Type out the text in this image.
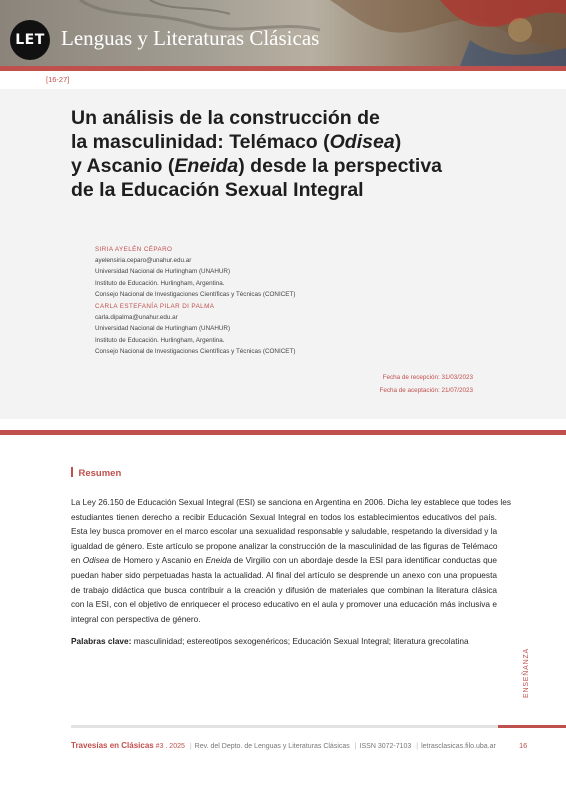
LET Lenguas y Literaturas Clásicas
[16-27]
Un análisis de la construcción de
la masculinidad: Telémaco (Odisea)
y Ascanio (Eneida) desde la perspectiva
de la Educación Sexual Integral
SIRIA AYELÉN CÉPARO
ayelensiria.ceparo@unahur.edu.ar
Universidad Nacional de Hurlingham (UNAHUR)
Instituto de Educación. Hurlingham, Argentina.
Consejo Nacional de Investigaciones Científicas y Técnicas (CONICET)
CARLA ESTEFANÍA PILAR DI PALMA
carla.dipalma@unahur.edu.ar
Universidad Nacional de Hurlingham (UNAHUR)
Instituto de Educación. Hurlingham, Argentina.
Consejo Nacional de Investigaciones Científicas y Técnicas (CONICET)
Fecha de recepción: 31/03/2023
Fecha de aceptación: 21/07/2023
Resumen
La Ley 26.150 de Educación Sexual Integral (ESI) se sanciona en Argentina en 2006. Dicha ley establece que todes les
estudiantes tienen derecho a recibir Educación Sexual Integral en todos los establecimientos educativos del país.
Esta ley busca promover en el marco escolar una sexualidad responsable y saludable, respetando la diversidad y la
igualdad de género. Este artículo se propone analizar la construcción de la masculinidad de las figuras de Telémaco
en Odisea de Homero y Ascanio en Eneida de Virgilio con un abordaje desde la ESI para identificar conductas que
puedan haber sido perpetuadas hasta la actualidad. Al final del artículo se desprende un anexo con una propuesta
de trabajo didáctica que busca contribuir a la creación y difusión de materiales que combinan la literatura clásica
con la ESI, con el objetivo de enriquecer el proceso educativo en el aula y promover una educación más inclusiva e
integral con perspectiva de género.
Palabras clave: masculinidad; estereotipos sexogenéricos; Educación Sexual Integral; literatura grecolatina
ENSEÑANZA
Travesías en Clásicas #3 . 2025 | Rev. del Depto. de Lenguas y Literaturas Clásicas | ISSN 3072-7103 | letrasclasicas.filo.uba.ar	16
